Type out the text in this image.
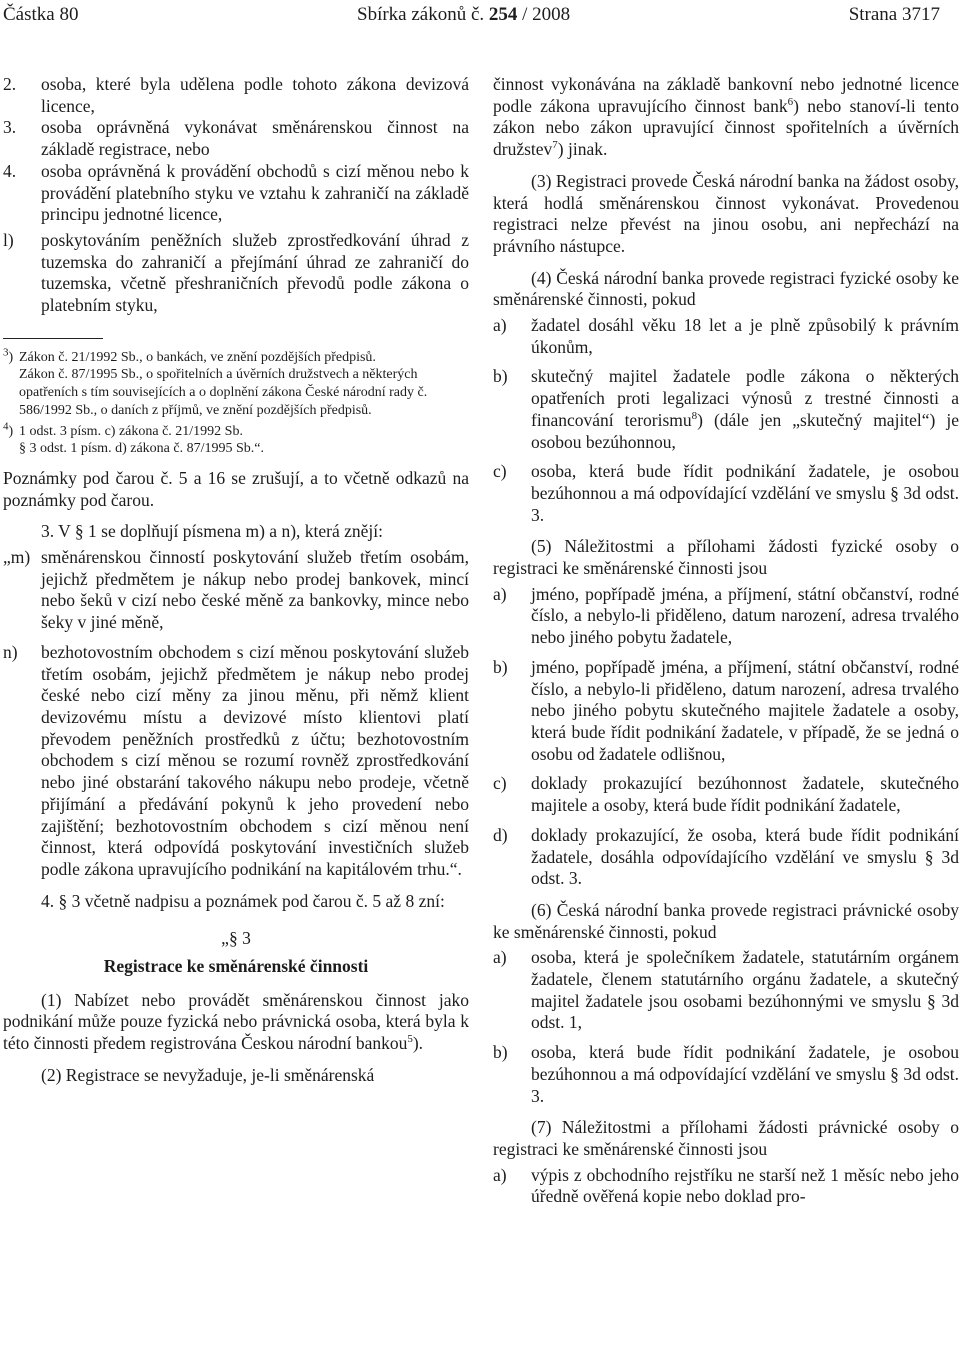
Částka 80	Sbírka zákonů č. 254 / 2008	Strana 3717
2. osoba, které byla udělena podle tohoto zákona devizová licence,
3. osoba oprávněná vykonávat směnárenskou činnost na základě registrace, nebo
4. osoba oprávněná k provádění obchodů s cizí měnou nebo k provádění platebního styku ve vztahu k zahraničí na základě principu jednotné licence,
l) poskytováním peněžních služeb zprostředkování úhrad z tuzemska do zahraničí a přejímání úhrad ze zahraničí do tuzemska, včetně přeshraničních převodů podle zákona o platebním styku,
$^3$) Zákon č. 21/1992 Sb., o bankách, ve znění pozdějších předpisů.
Zákon č. 87/1995 Sb., o spořitelních a úvěrních družstvech a některých opatřeních s tím souvisejících a o doplnění zákona České národní rady č. 586/1992 Sb., o daních z příjmů, ve znění pozdějších předpisů.
$^4$) 1 odst. 3 písm. c) zákona č. 21/1992 Sb.
§ 3 odst. 1 písm. d) zákona č. 87/1995 Sb.“.

Poznámky pod čarou č. 5 a 16 se zrušují, a to včetně odkazů na poznámky pod čarou.

3. V § 1 se doplňují písmena m) a n), která znějí:

„m) směnárenskou činností poskytování služeb třetím osobám, jejichž předmětem je nákup nebo prodej bankovek, mincí nebo šeků v cizí nebo české měně za bankovky, mince nebo šeky v jiné měně,
n) bezhotovostním obchodem s cizí měnou poskytování služeb třetím osobám, jejichž předmětem je nákup nebo prodej české nebo cizí měny za jinou měnu, při němž klient devizovému místu a devizové místo klientovi platí převodem peněžních prostředků z účtu; bezhotovostním obchodem s cizí měnou se rozumí rovněž zprostředkování nebo jiné obstarání takového nákupu nebo prodeje, včetně přijímání a předávání pokynů k jeho provedení nebo zajištění; bezhotovostním obchodem s cizí měnou není činnost, která odpovídá poskytování investičních služeb podle zákona upravujícího podnikání na kapitálovém trhu.“.

4. § 3 včetně nadpisu a poznámek pod čarou č. 5 až 8 zní:

„§ 3

Registrace ke směnárenské činnosti

(1) Nabízet nebo provádět směnárenskou činnost jako podnikání může pouze fyzická nebo právnická osoba, která byla k této činnosti předem registrována Českou národní bankou$^5$).

(2) Registrace se nevyžaduje, je-li směnárenská

činnost vykonávána na základě bankovní nebo jednotné licence podle zákona upravujícího činnost bank$^6$) nebo stanoví-li tento zákon nebo zákon upravující činnost spořitelních a úvěrních družstev$^7$) jinak.

(3) Registraci provede Česká národní banka na žádost osoby, která hodlá směnárenskou činnost vykonávat. Provedenou registraci nelze převést na jinou osobu, ani nepřechází na právního nástupce.

(4) Česká národní banka provede registraci fyzické osoby ke směnárenské činnosti, pokud

a) žadatel dosáhl věku 18 let a je plně způsobilý k právním úkonům,
b) skutečný majitel žadatele podle zákona o některých opatřeních proti legalizaci výnosů z trestné činnosti a financování terorismu$^8$) (dále jen „skutečný majitel“) je osobou bezúhonnou,
c) osoba, která bude řídit podnikání žadatele, je osobou bezúhonnou a má odpovídající vzdělání ve smyslu § 3d odst. 3.

(5) Náležitostmi a přílohami žádosti fyzické osoby o registraci ke směnárenské činnosti jsou

a) jméno, popřípadě jména, a příjmení, státní občanství, rodné číslo, a nebylo-li přiděleno, datum narození, adresa trvalého nebo jiného pobytu žadatele,
b) jméno, popřípadě jména, a příjmení, státní občanství, rodné číslo, a nebylo-li přiděleno, datum narození, adresa trvalého nebo jiného pobytu skutečného majitele žadatele a osoby, která bude řídit podnikání žadatele, v případě, že se jedná o osobu od žadatele odlišnou,
c) doklady prokazující bezúhonnost žadatele, skutečného majitele a osoby, která bude řídit podnikání žadatele,
d) doklady prokazující, že osoba, která bude řídit podnikání žadatele, dosáhla odpovídajícího vzdělání ve smyslu § 3d odst. 3.

(6) Česká národní banka provede registraci právnické osoby ke směnárenské činnosti, pokud

a) osoba, která je společníkem žadatele, statutárním orgánem žadatele, členem statutárního orgánu žadatele, a skutečný majitel žadatele jsou osobami bezúhonnými ve smyslu § 3d odst. 1,
b) osoba, která bude řídit podnikání žadatele, je osobou bezúhonnou a má odpovídající vzdělání ve smyslu § 3d odst. 3.

(7) Náležitostmi a přílohami žádosti právnické osoby o registraci ke směnárenské činnosti jsou

a) výpis z obchodního rejstříku ne starší než 1 měsíc nebo jeho úředně ověřená kopie nebo doklad pro-
